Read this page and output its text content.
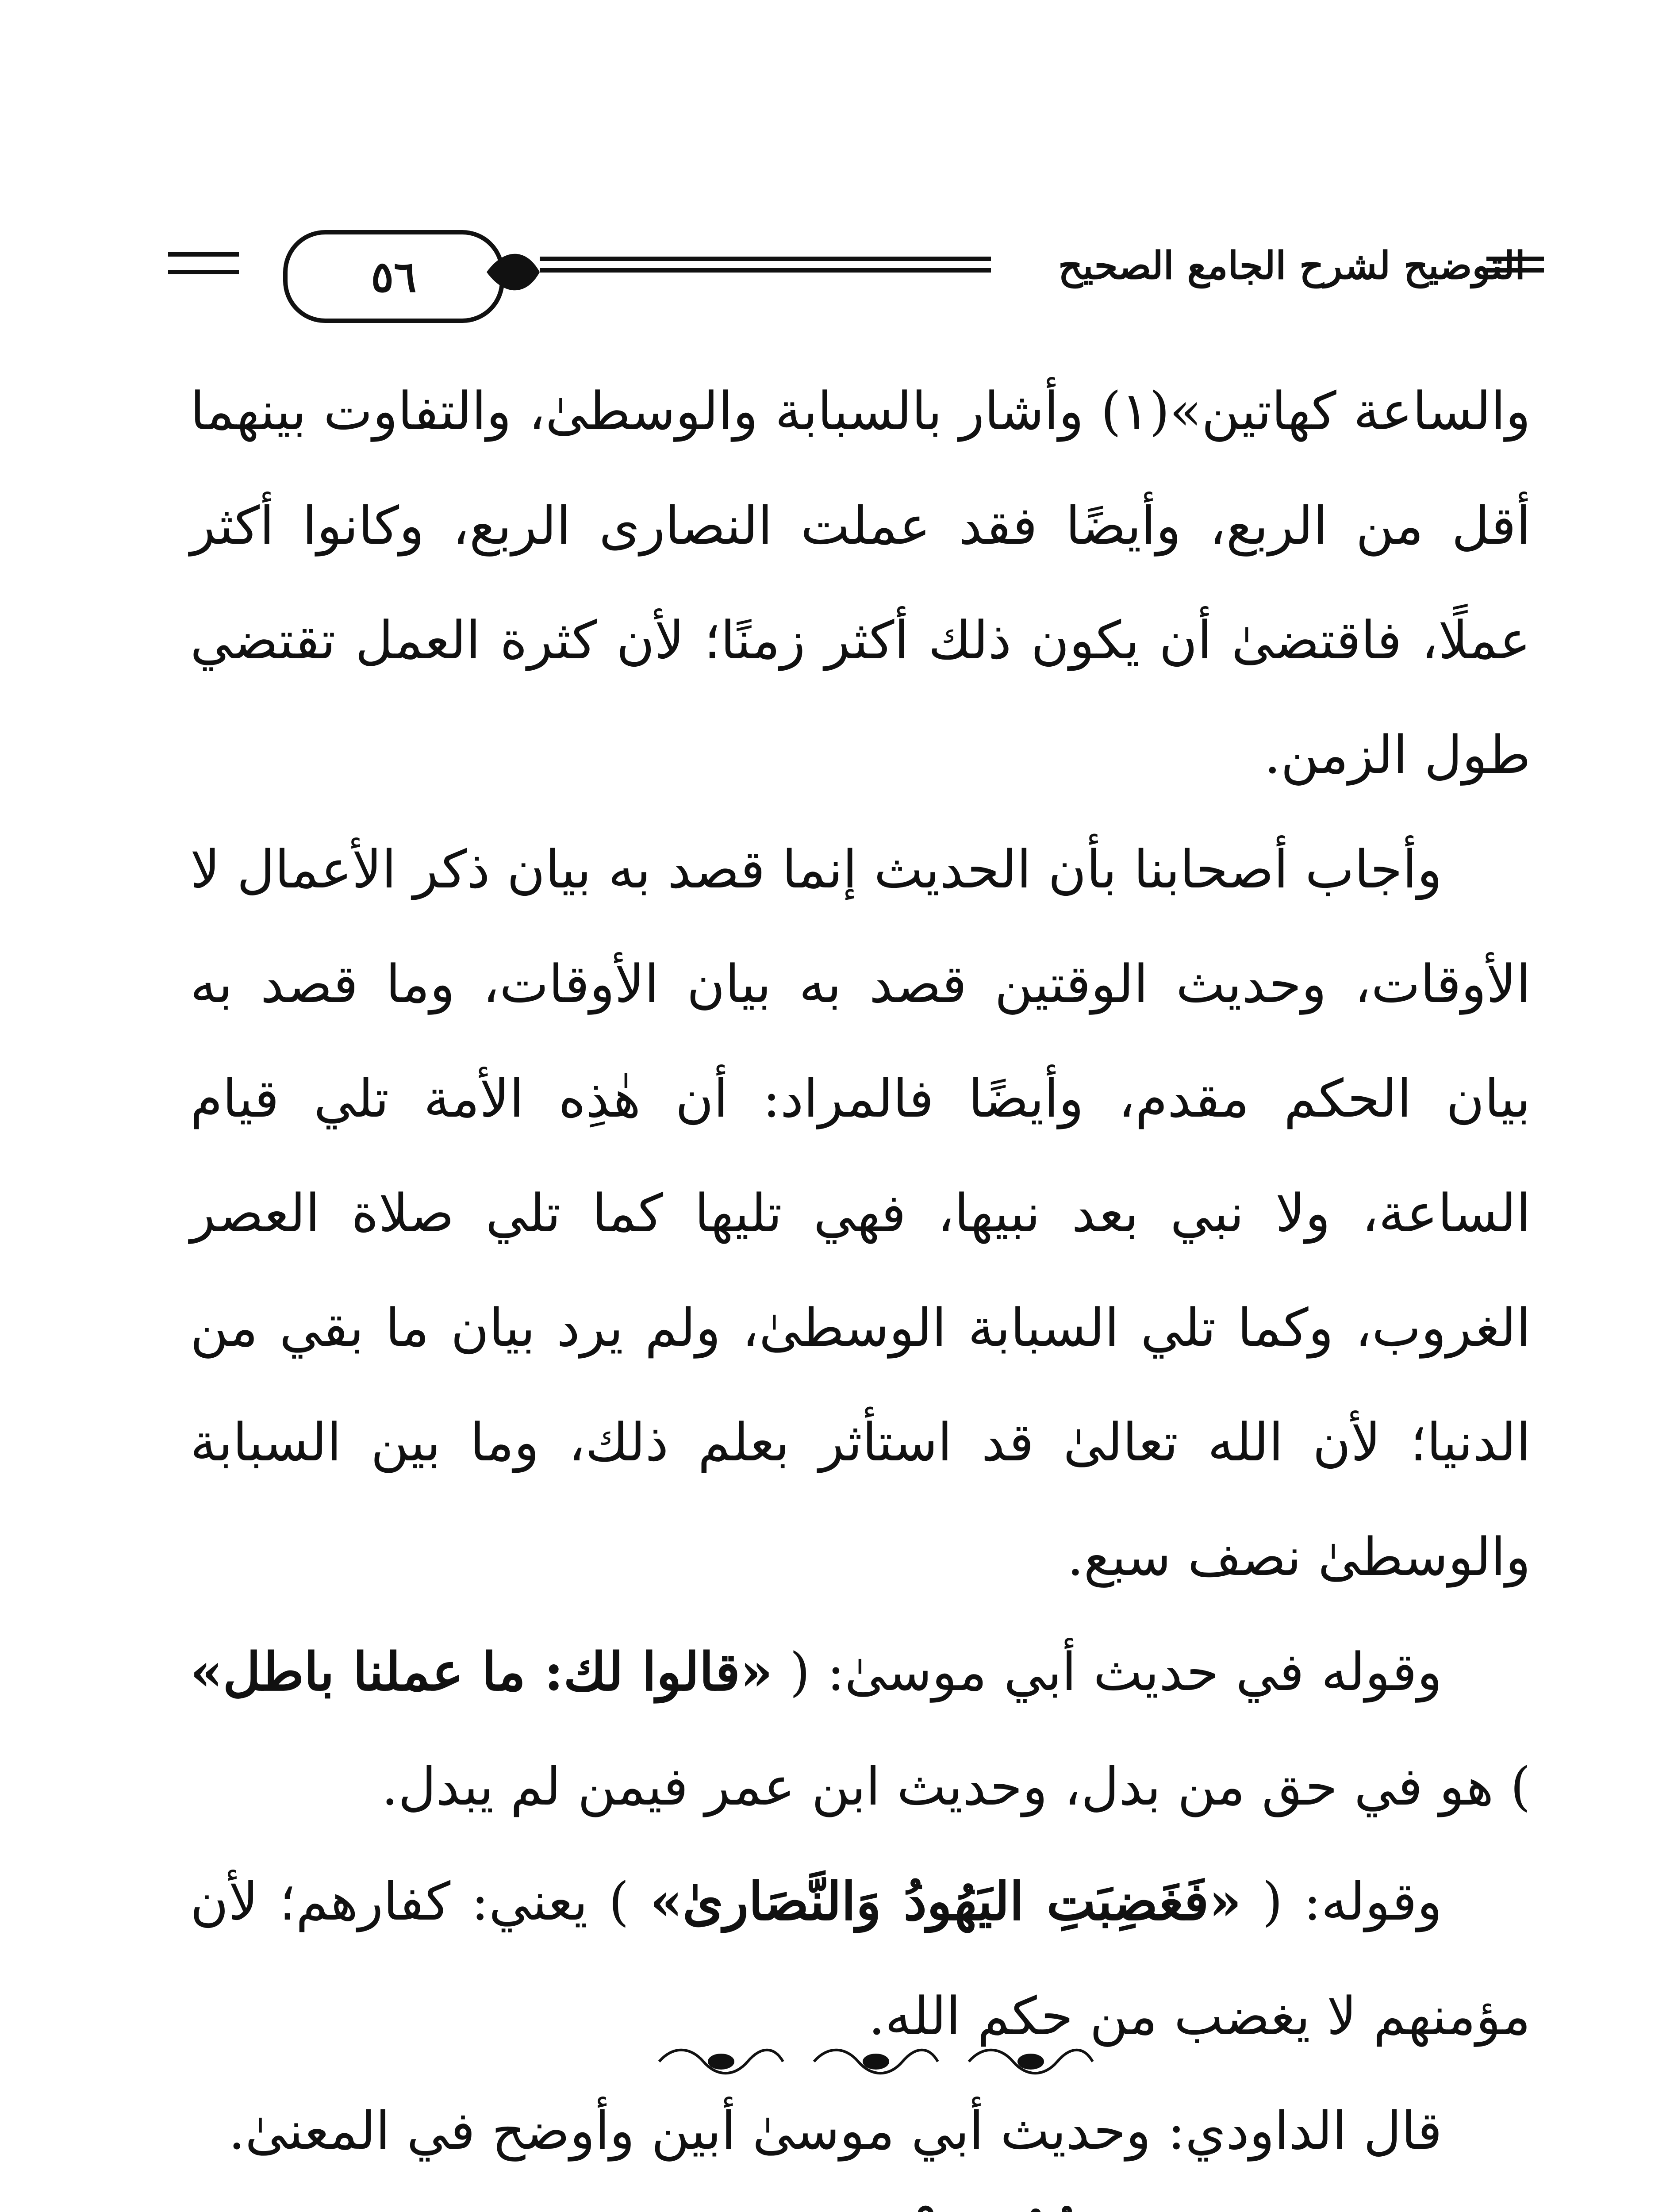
٥٦	التوضيح لشرح الجامع الصحيح

والساعة كهاتين»(١) وأشار بالسبابة والوسطىٰ، والتفاوت بينهما أقل من الربع، وأيضًا فقد عملت النصارى الربع، وكانوا أكثر عملًا، فاقتضىٰ أن يكون ذلك أكثر زمنًا؛ لأن كثرة العمل تقتضي طول الزمن.

وأجاب أصحابنا بأن الحديث إنما قصد به بيان ذكر الأعمال لا الأوقات، وحديث الوقتين قصد به بيان الأوقات، وما قصد به بيان الحكم مقدم، وأيضًا فالمراد: أن هٰذِه الأمة تلي قيام الساعة، ولا نبي بعد نبيها، فهي تليها كما تلي صلاة العصر الغروب، وكما تلي السبابة الوسطىٰ، ولم يرد بيان ما بقي من الدنيا؛ لأن الله تعالىٰ قد استأثر بعلم ذلك، وما بين السبابة والوسطىٰ نصف سبع.

وقوله في حديث أبي موسىٰ: ( «قالوا لك: ما عملنا باطل» ) هو في حق من بدل، وحديث ابن عمر فيمن لم يبدل.

وقوله: ( «فَغَضِبَتِ اليَهُودُ وَالنَّصَارىٰ» ) يعني: كفارهم؛ لأن مؤمنهم لا يغضب من حكم الله.

قال الداودي: وحديث أبي موسىٰ أبين وأوضح في المعنىٰ.
